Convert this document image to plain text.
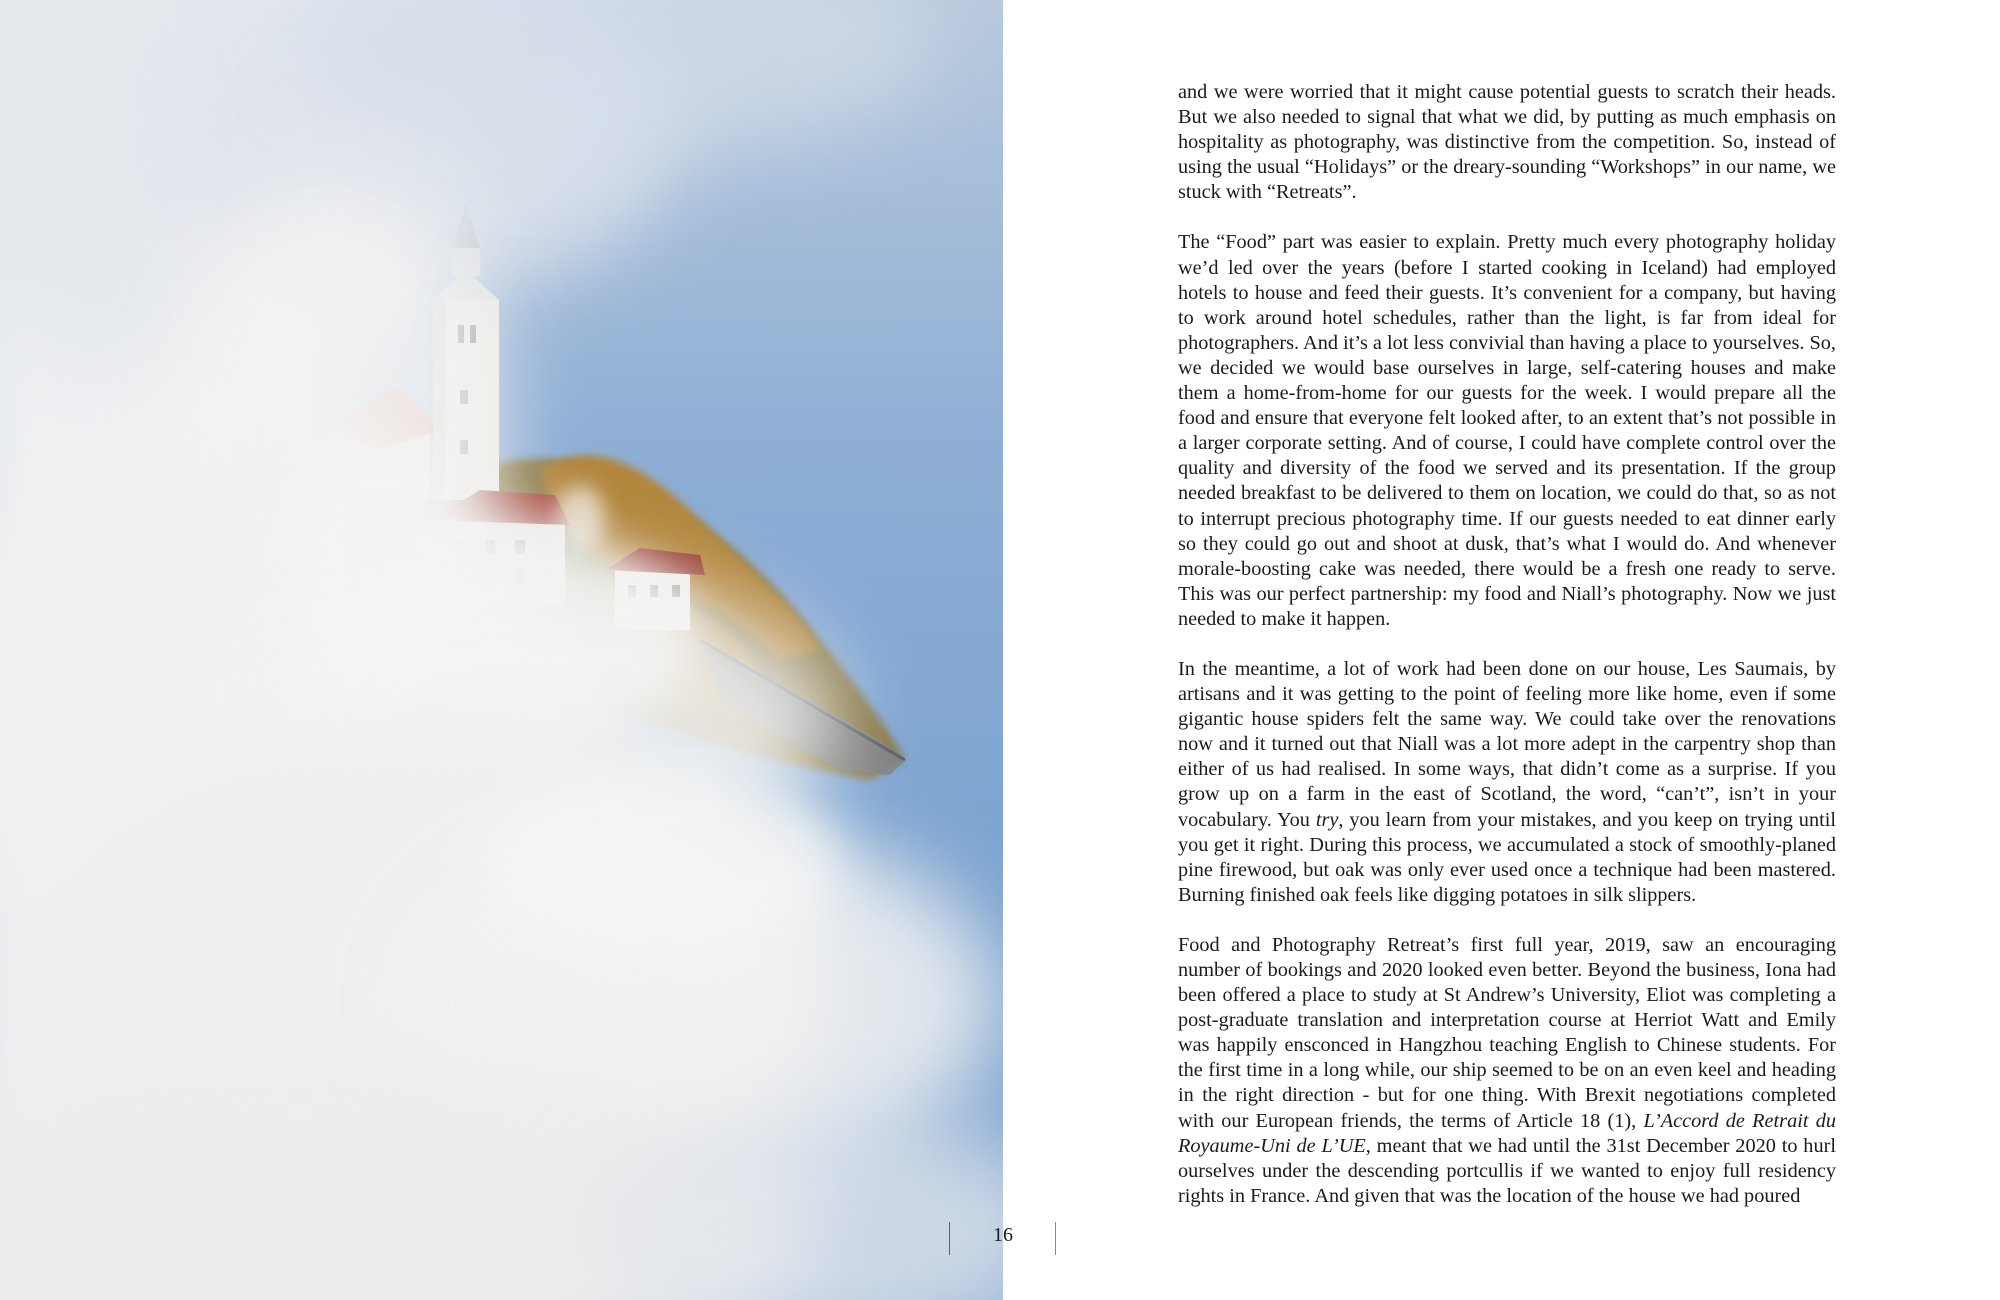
and we were worried that it might cause potential guests to scratch their heads. But we also needed to signal that what we did, by putting as much emphasis on hospitality as photography, was distinctive from the competition. So, instead of using the usual “Holidays” or the dreary-sounding “Workshops” in our name, we stuck with “Retreats”.

The “Food” part was easier to explain. Pretty much every photography holiday we’d led over the years (before I started cooking in Iceland) had employed hotels to house and feed their guests. It’s convenient for a company, but having to work around hotel schedules, rather than the light, is far from ideal for photographers. And it’s a lot less convivial than having a place to yourselves. So, we decided we would base ourselves in large, self-catering houses and make them a home-from-home for our guests for the week. I would prepare all the food and ensure that everyone felt looked after, to an extent that’s not possible in a larger corporate setting. And of course, I could have complete control over the quality and diversity of the food we served and its presentation. If the group needed breakfast to be delivered to them on location, we could do that, so as not to interrupt precious photography time. If our guests needed to eat dinner early so they could go out and shoot at dusk, that’s what I would do. And whenever morale-boosting cake was needed, there would be a fresh one ready to serve. This was our perfect partnership: my food and Niall’s photography. Now we just needed to make it happen.

In the meantime, a lot of work had been done on our house, Les Saumais, by artisans and it was getting to the point of feeling more like home, even if some gigantic house spiders felt the same way. We could take over the renovations now and it turned out that Niall was a lot more adept in the carpentry shop than either of us had realised. In some ways, that didn’t come as a surprise. If you grow up on a farm in the east of Scotland, the word, “can’t”, isn’t in your vocabulary. You try, you learn from your mistakes, and you keep on trying until you get it right. During this process, we accumulated a stock of smoothly-planed pine firewood, but oak was only ever used once a technique had been mastered. Burning finished oak feels like digging potatoes in silk slippers.

Food and Photography Retreat’s first full year, 2019, saw an encouraging number of bookings and 2020 looked even better. Beyond the business, Iona had been offered a place to study at St Andrew’s University, Eliot was completing a post-graduate translation and interpretation course at Herriot Watt and Emily was happily ensconced in Hangzhou teaching English to Chinese students. For the first time in a long while, our ship seemed to be on an even keel and heading in the right direction - but for one thing. With Brexit negotiations completed with our European friends, the terms of Article 18 (1), L’Accord de Retrait du Royaume-Uni de L’UE, meant that we had until the 31st December 2020 to hurl ourselves under the descending portcullis if we wanted to enjoy full residency rights in France. And given that was the location of the house we had poured

16
